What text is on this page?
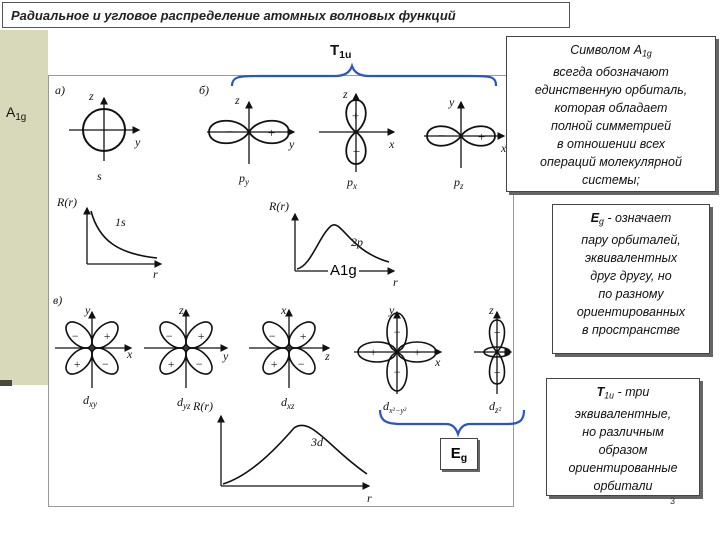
Радиальное и угловое распределение атомных волновых функций
$A_{1g}$
а)	б)
в)
z
y
s
z
y
$p_y$
−	+
z
x
+
−
$p_x$
y
x
− +
$p_z$
R(r)
r
1s
R(r)
r
2p
y
x
− +
+ −
$d_{xy}$
z
y
− +
+ −
$d_{yz}$
x
z
− +
+ −
$d_{xz}$
y
x
−
−
+	+
$d_{x^2-y^2}$
z
+
+
−
$d_{z^2}$
R(r)
r
3d
$T_{1u}$
A1g
$E_g$
Символом $A_{1g}$
всегда обозначают
единственную орбиталь,
которая обладает
полной симметрией
в отношении всех
операций молекулярной
системы;
$E_g$ - означает
пару орбиталей,
эквивалентных
друг другу, но
по разному
ориентированных
в пространстве
$T_{1u}$ - три
эквивалентные,
но различным
образом
ориентированные
орбитали
3
